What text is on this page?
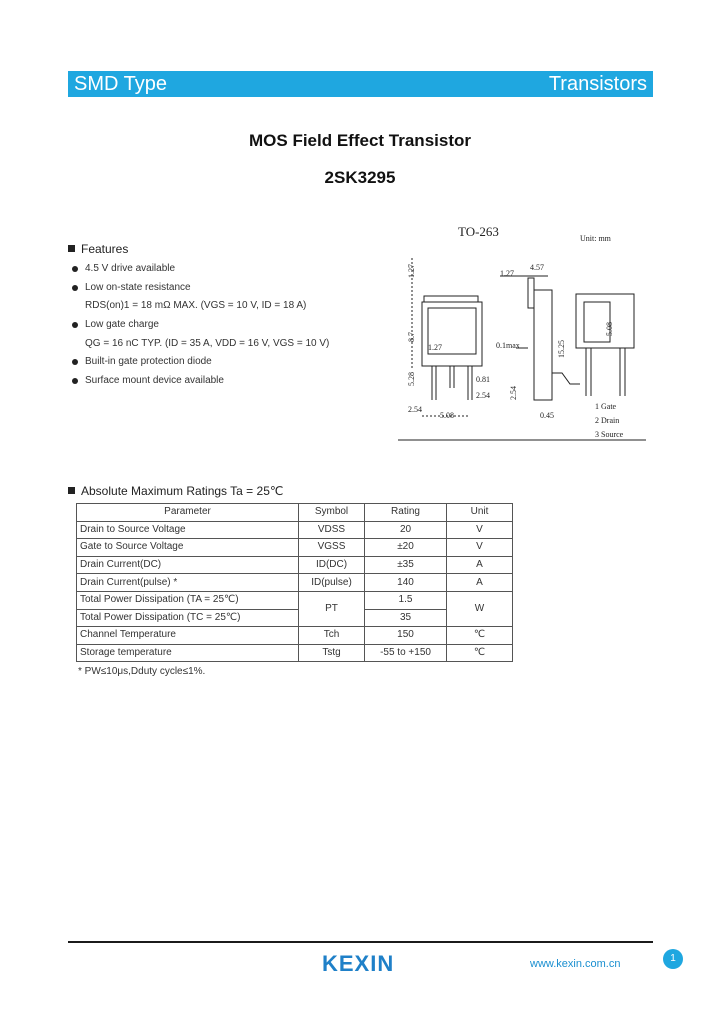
SMD Type	Transistors
MOS Field Effect Transistor
2SK3295
Features
4.5 V drive available
Low on-state resistance
RDS(on)1 = 18 mΩ MAX. (VGS = 10 V, ID = 18 A)
Low gate charge
QG = 16 nC TYP. (ID = 35 A, VDD = 16 V, VGS = 10 V)
Built-in gate protection diode
Surface mount device available
TO-263	Unit: mm
1.27	1.27
4.57
8.7
1.27	0.1max
5.28	0.81
2.54
2.54
5.08
15.25
2.54
0.45
5.08
1 Gate
2 Drain
3 Source
Absolute Maximum Ratings Ta = 25℃
Parameter	Symbol	Rating	Unit
Drain to Source Voltage	VDSS	20	V
Gate to Source Voltage	VGSS	±20	V
Drain Current(DC)	ID(DC)	±35	A
Drain Current(pulse) *	ID(pulse)	140	A
Total Power Dissipation (TA = 25℃)	PT	1.5	W
Total Power Dissipation (TC = 25℃)		35	
Channel Temperature	Tch	150	℃
Storage temperature	Tstg	-55 to +150	℃
* PW≤10μs,Dduty cycle≤1%.
KEXIN	www.kexin.com.cn	1
